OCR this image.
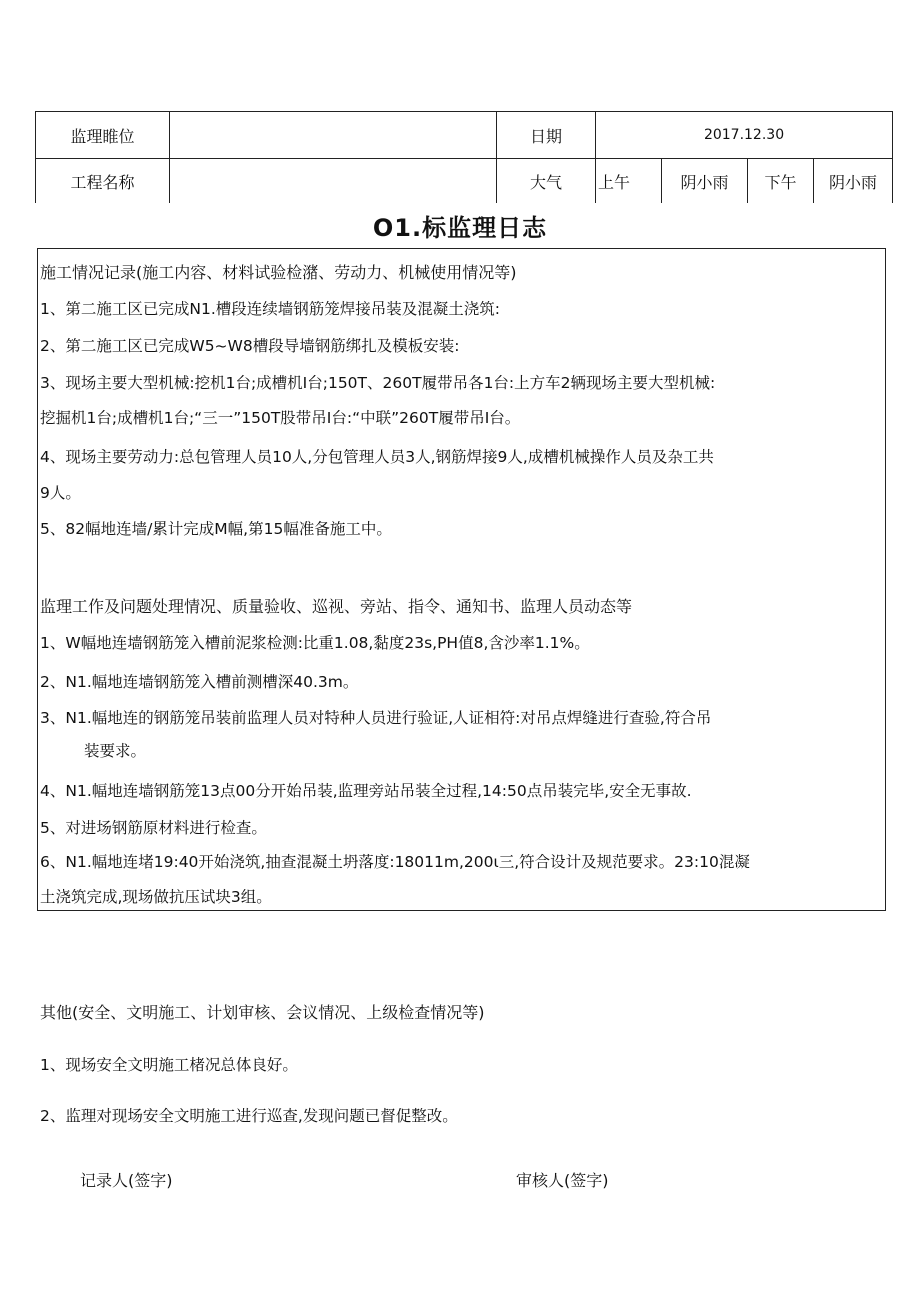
监理睢位		日期	2017.12.30			
工程名称		大气	上午	阴小雨	下午	阴小雨
O1.标监理日志
施工情况记录(施工内容、材料试验检潴、劳动力、机械使用情况等)
1、第二施工区已完成N1.槽段连续墙钢筋笼焊接吊装及混凝土浇筑:
2、第二施工区已完成W5~W8槽段导墙钢筋绑扎及模板安装:
3、现场主要大型机械:挖机1台;成槽机I台;150T、260T履带吊各1台:上方车2辆现场主要大型机械:
挖掘机1台;成槽机1台;“三一”150T股带吊I台:“中联”260T履带吊I台。
4、现场主要劳动力:总包管理人员10人,分包管理人员3人,钢筋焊接9人,成槽机械操作人员及杂工共
9人。
5、82幅地连墙/累计完成M幅,第15幅准备施工中。
监理工作及问题处理情况、质量验收、巡视、旁站、指令、通知书、监理人员动态等
1、W幅地连墙钢筋笼入槽前泥浆检测:比重1.08,黏度23s,PH值8,含沙率1.1%。
2、N1.幅地连墙钢筋笼入槽前测槽深40.3m。
3、N1.幅地连的钢筋笼吊装前监理人员对特种人员进行验证,人证相符:对吊点焊缝进行查验,符合吊
装要求。
4、N1.幅地连墙钢筋笼13点00分开始吊装,监理旁站吊装全过程,14:50点吊装完毕,安全无事故.
5、对进场钢筋原材料进行检查。
6、N1.幅地连堵19:40开始浇筑,抽查混凝土坍落度:18011m,200ι三,符合设计及规范要求。23:10混凝
土浇筑完成,现场做抗压试块3组。
其他(安全、文明施工、计划审核、会议情况、上级检查情况等)
1、现场安全文明施工楮况总体良好。
2、监理对现场安全文明施工进行巡查,发现问题已督促整改。
记录人(签字)	审核人(签字)
